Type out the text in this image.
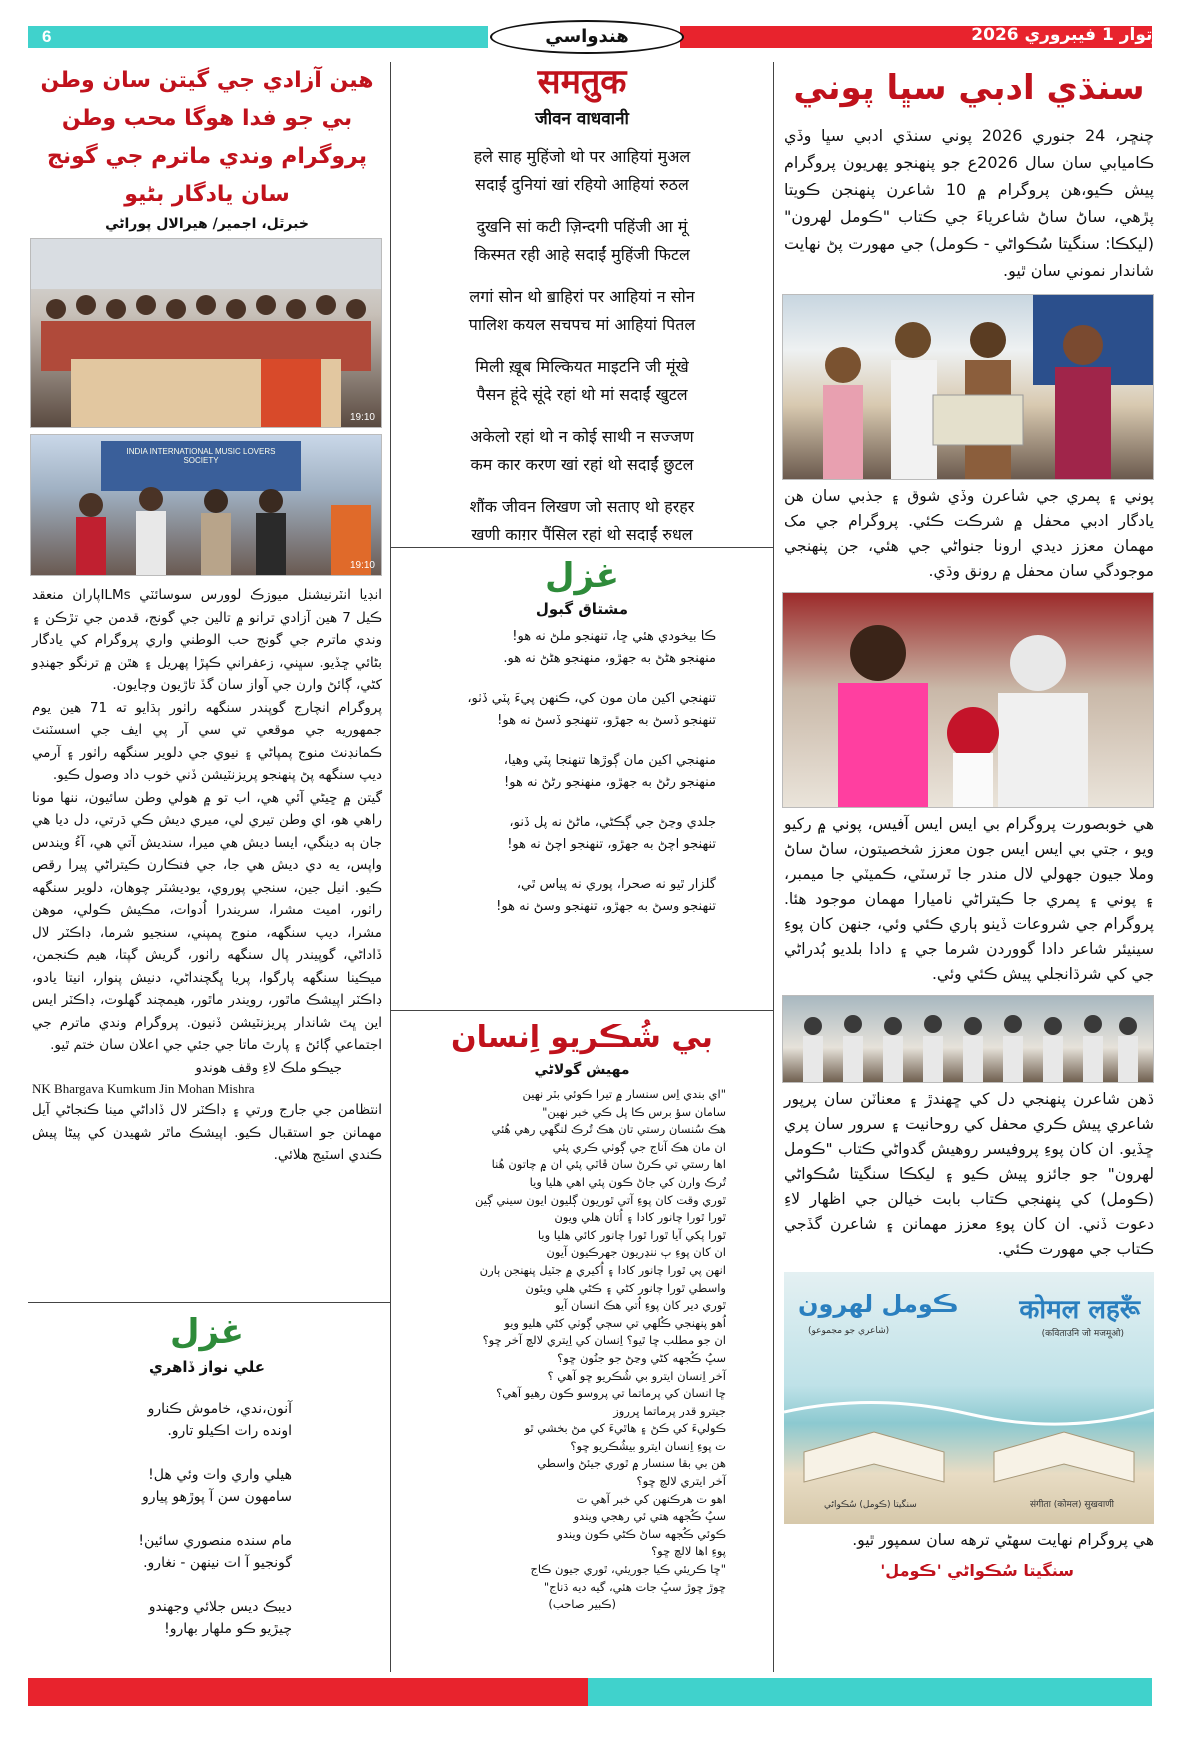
6	هندواسي	آرتوار 1 فيبروري 2026
سنڌي ادبي سڀا پوني
چنڇر، 24 جنوري 2026 پوني سنڌي ادبي سڀا وڏي ڪاميابي سان سال 2026ع جو پنهنجو پهريون پروگرام پيش ڪيو،هن پروگرام ۾ 10 شاعرن پنهنجن ڪويتا پڙهي، ساڻ ساڻ شاعرياءَ جي ڪتاب "ڪومل لهرون" (ليکڪا: سنگيتا سُڪواڻي - ڪومل) جي مهورت پڻ نهايت شاندار نموني سان ٿيو.
پوني ۽ پمري جي شاعرن وڏي شوق ۽ جذبي سان هن يادگار ادبي محفل ۾ شرڪت ڪئي. پروگرام جي مک مهمان معزز ديدي ارونا جنواڻي جي هئي، جن پنهنجي موجودگي سان محفل ۾ رونق وڌي.
هي خوبصورت پروگرام بي ايس ايس آفيس، پوني ۾ رکيو ويو ، جتي بي ايس ايس جون معزز شخصيتون، ساڻ ساڻ وملا جيون جهولي لال مندر جا ٽرسٽي، ڪميٽي جا ميمبر، ۽ پوني ۽ پمري جا ڪيتراڻي ناميارا مهمان موجود هئا. پروگرام جي شروعات ڏينو ٻاري ڪئي وئي، جنهن کان پوءِ سينيئر شاعر دادا گووردن شرما جي ۽ دادا بلديو ٻُدراڻي جي کي شرڌانجلي پيش ڪئي وئي.
ڌهن شاعرن پنهنجي دل کي ڇهندڙ ۽ معناٽن سان پرپور شاعري پيش ڪري محفل کي روحانيت ۽ سرور سان پري ڇڏيو. ان کان پوءِ پروفيسر روهيش گدواڻي ڪتاب "ڪومل لهرون" جو جائزو پيش ڪيو ۽ ليکڪا سنگيتا سُڪواڻي (ڪومل) کي پنهنجي ڪتاب بابت خيالن جي اظهار لاءِ دعوت ڏني. ان کان پوءِ معزز مهمانن ۽ شاعرن گڏجي ڪتاب جي مهورت ڪئي.
ڪومل لهرون
(شاعري جو مجموعو)
कोमल लहरूँ
(कविताउनि जो मजमूओ)
سنگيتا (ڪومل) سُڪواڻي	संगीता (कोमल) सुखवाणी
هي پروگرام نهايت سهڻي ترهه سان سمپور ٿيو.
سنگيتا سُڪواڻي 'ڪومل'
समतुक
जीवन वाधवानी

हले साह मुहिंजो थो पर आहियां मुअल

सदाईं दुनियां खां रहियो आहियां रुठल

दुखनि सां कटी ज़िन्दगी पहिंजी आ मूं

किस्मत रही आहे सदाईं मुहिंजी फिटल

लगां सोन थो ॿाहिरां पर आहियां न सोन

पालिश कयल सचपच मां आहियां पितल

मिली ख़ूब मिल्किय‍त माइटनि जी मूंखे

पैसन हूंदे सूंदे रहां थो मां सदाईं खुटल

अकेलो रहां थो न कोई साथी न सज्जण

कम कार करण खां रहां थो सदाईं छुटल

शौंक जीवन लिखण जो सताए थो हरहर

खणी काग़र पैंसिल रहां थो सदाईं रुधल

غزل
مشتاق گبول

ڪا بيخودي هئي ڇا، تنهنجو ملڻ نه هو!

منهنجو هڻڻ به جهڙو، منهنجو هڻڻ نه هو.

تنهنجي اکين مان مون کي، ڪنهن پيءَ پٽي ڏٺو،

تنهنجو ڏسڻ به جهڙو، تنهنجو ڏسڻ نه هو!

منهنجي اکين مان ڳوڙها تنهنجا پٽي وهيا،

منهنجو رڻڻ به جهڙو، منهنجو رڻڻ نه هو!

جلدي وڃڻ جي ڳڪڻي، ماڻڻ نه پل ڏنو،

تنهنجو اچڻ به جهڙو، تنهنجو اچڻ نه هو!

گلزار ٿيو نه صحرا، پوري نه پياس ٿي،

تنهنجو وسڻ به جهڙو، تنهنجو وسڻ نه هو!

بي شُڪريو اِنسان
مهيش گولاڻي

"اي بندي اِس سنسار ۾ تيرا ڪوئي بٽر نهين

سامان سؤ برس ڪا پل ڪي خبر نهين"

هڪ سُنسان رستي تان هڪ تُرڪ لنگهي رهي هُئي

ان مان هڪ آناج جي ڳوٺي ڪري پئي

اها رستي تي ڪرڻ سان ڦاٽي پئي ان ۾ چاتون هُنا

تُرڪ وارن کي جاڻ ڪون پئي اهي هليا ويا

ٿوري وقت کان پوءِ آتي ٿوريون ڳليون ايون سيني ڳين

ٿورا ٿورا چانور کادا ۽ اُتان هلي ويون

ٿورا پکي آيا ٿورا ٿورا چانور کائي هليا ويا

ان کان پوءِ ٻ ننڍريون جهرڪيون آيون

انهن پي ٿورا چانور کادا ۽ اُکيري ۾ جٽيل پنهنجن ٻارن

واسطي ٿورا چانور کڻي ۽ ڪڻي هلي ويئون

ٿوري دير کان پوءِ اُتي هڪ انسان آيو

اُهو پنهنجي ڪُلهي تي سڄي ڳوٺي کڻي هليو ويو

ان جو مطلب ڇا ٿيو؟ اِنسان کي اِيتري لالچ آخر ڇو؟

سڀُ ڪُجهه کڻي وڃڻ جو جنُون ڇو؟

آخر اِنسان ايترو بي شُڪريو ڇو آهي ؟

ڇا انسان کي پرماتما تي پروسو ڪون رهيو آهي؟

جيترو قدر پرماتما ڀرروز

ڪوليءَ کي ڪڻ ۽ هاٿيءَ کي مڻ بخشي ٿو

ت پوءِ اِنسان ايترو بيشُڪريو ڇو؟

هن بي بقا سنسار ۾ ٿوري جيئڻ واسطي

آخر ايتري لالچ ڇو؟

اهو ت هرڪنهن کي خبر آهي ت

سڀُ ڪُجهه هتي ئي رهجي ويندو

ڪوئي ڪُجهه ساڻ ڪڻي ڪون ويندو

پوءِ اها لالچ ڇو؟

"ڇا ڪريئي ڪيا جوريئي، ٿوري جيون ڪاج

ڇوڙ ڇوڙ سڀُ جات هئي، گيه ديه ڌناج"

(ڪبير صاحب)

هين آزادي جي گيتن سان وطن بي جو فدا هوگا محب وطن پروگرام وندي ماترم جي گونج سان يادگار بڻيو
خبرٿل، اجمير/ هيرالال پوراڻي
19:10
INDIA INTERNATIONAL MUSIC LOVERS SOCIETY
19:10
انڊيا انٽرنيشنل ميوزڪ لوورس سوسائٽي ILMsپاران منعقد ڪيل 7 هين آزادي ترانو ۾ تالين جي گونج، قدمن جي تڙڪن ۽ وندي ماترم جي گونج حب الوطني واري پروگرام کي يادگار بڻائي ڇڏيو. سڀني، زعفراني ڪپڙا پهريل ۽ هٿن ۾ ترنگو جهنڊو کڻي، ڳائڻ وارن جي آواز سان گڏ تاڙيون وڄايون.
پروگرام انچارج گوپندر سنگهه راٺور ٻڌايو ته 71 هين يوم جمهوريه جي موقعي تي سي آر پي ايف جي اسسٽنٽ ڪمانڊنٽ منوج پمپاڻي ۽ نيوي جي دلوير سنگهه راٺور ۽ آرمي ديپ سنگهه پڻ پنهنجو پريزنٽيشن ڏني خوب داد وصول ڪيو.
گيتن ۾ ڇيڻي آئي هي، اب تو ۾ هولي وطن سائيون، ننها مونا راهي هو، اي وطن تيري لي، ميري ديش ڪي ڌرتي، دل ديا هي جان ٻه دينگي، ايسا ديش هي ميرا، سنديش آتي هي، آءُ ويندس واپس، يه دي ديش هي جا، جي فنڪارن ڪيتراڻي پيرا رقص ڪيو. انيل جين، سنجي پوروي، يوديشٽر چوهان، دلوير سنگهه راٺور، اميت مشرا، سريندرا اُدوات، مڪيش ڪولي، موهن مشرا، ديپ سنگهه، منوج پمپني، سنجيو شرما، ڊاڪٽر لال ڏاداڻي، گوپيندر پال سنگهه راٺور، گريش گپتا، هيم ڪنجمن، ميڪينا سنگهه پارگوا، پريا ڀگچنداڻي، دنيش پنوار، انيتا يادو، ڊاڪٽر اپيشڪ ماٿور، رويندر ماٿور، هيمچند گهلوت، ڊاڪٽر ايس اين ڀٽ شاندار پريزنٽيشن ڏنيون. پروگرام وندي ماترم جي اجتماعي ڳائڻ ۽ پارٿ ماتا جي جئي جي اعلان سان ختم ٿيو.
جيڪو ملڪ لاءِ وقف هوندو
NK Bhargava Kumkum Jin Mohan Mishra
انتظامن جي جارج ورتي ۽ ڊاڪٽر لال ڏاداڻي مينا ڪنجاڻي آيل مهمانن جو استقبال ڪيو. اپيشڪ ماٿر شهيدن کي پيڻا پيش ڪندي اسٽيج هلائي.
غزل
علي نواز ڏاهري

آنون،ندي، خاموش ڪنارو

اونده رات اڪيلو تارو.

هيلي واري وات وئي هل!

سامهون سن آ پوڙهو پيارو

مام سنده منصوري سائين!

گونجيو آ ات نينهن - نغارو.

ديبڪ ديس جلائي وجهندو

چيڙيو ڪو ملهار بهارو!
